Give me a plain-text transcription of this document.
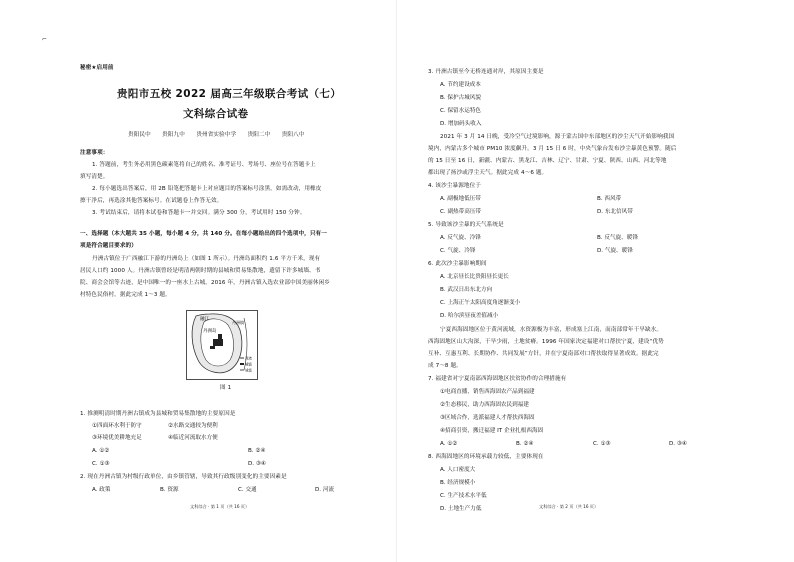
⌐
秘密★启用前
贵阳市五校 2022 届高三年级联合考试（七）
文科综合试卷
贵阳民中　　贵阳九中　　贵州省实验中学　　贵阳二中　　贵阳八中
注意事项：
1. 答题前，考生务必用黑色碳素笔将自己的姓名、准考证号、考场号、座位号在答题卡上
填写清楚。
2. 每小题选出答案后，用 2B 铅笔把答题卡上对应题目的答案标号涂黑。如需改动，用橡皮
擦干净后，再选涂其他答案标号。在试题卷上作答无效。
3. 考试结束后，请将本试卷和答题卡一并交回。满分 300 分，考试用时 150 分钟。
一、选择题（本大题共 35 小题，每小题 4 分，共 140 分。在每小题给出的四个选项中，只有一
项是符合题目要求的）
丹洲古镇位于广西融江下游的丹洲岛上（如图 1 所示）。丹洲岛面积约 1.6 平方千米，现有
居民人口约 1000 人。丹洲古镇曾经是明清两朝时期的县城和贸易集散地，遗留下许多城墙、书
院、商会会馆等古迹，是中国唯一的一座水上古城。2016 年，丹洲古镇入选农业部中国美丽休闲乡
村特色民俗村。据此完成 1～3 题。
融江
丹洲岛
丹洲镇
河流
城镇
城墙
图 1
1. 推测明清时期丹洲古镇成为县城和贸易集散地的主要原因是
①四面环水利于防守	②水路交通较为便利
③环境优美耕地充足	④临近河流取水方便
A. ①②	B. ②④
C. ①③	D. ③④
2. 现在丹洲古镇为村级行政单位，由乡镇管辖，导致其行政级别变化的主要因素是
A. 政策	B. 资源	C. 交通	D. 河流
文科综合 · 第 1 页（共 16 页）
3. 丹洲古镇至今无桥连通对岸，其原因主要是
A. 节约建设成本
B. 保护古城风貌
C. 保留水运特色
D. 增加码头收入
2021 年 3 月 14 日晚，受冷空气过境影响，源于蒙古国中东部地区的沙尘天气开始影响我国
境内，内蒙古多个城市 PM10 浓度飙升。3 月 15 日 6 时，中央气象台发布沙尘暴黄色预警。随后
的 15 日至 16 日，新疆、内蒙古、黑龙江、吉林、辽宁、甘肃、宁夏、陕西、山西、河北等地
都出现了扬沙或浮尘天气。据此完成 4～6 题。
4. 该沙尘暴源地位于
A. 副极地低压带	B. 西风带
C. 副热带高压带	D. 东北信风带
5. 导致该沙尘暴的天气系统是
A. 反气旋、冷锋	B. 反气旋、暖锋
C. 气旋、冷锋	D. 气旋、暖锋
6. 此次沙尘暴影响期间
A. 北京昼长比贵阳昼长更长
B. 武汉日出东北方向
C. 上海正午太阳高度角逐渐变小
D. 哈尔滨昼夜差值减小
宁夏西海固地区位于黄河流域，水资源极为丰富，形成塞上江南，而南部常年干旱缺水。
西海固地区山大沟深，干旱少雨，土地贫瘠。1996 年国家决定福建对口帮扶宁夏，建设“优势
互补、互惠互利、长期协作、共同发展”方针，并在宁夏南部对口帮扶取得显著成效。据此完
成 7～8 题。
7. 福建省对宁夏南部西海固地区扶贫协作的合理措施有
①电商直播，销售西海固农产品到福建
②生态移民，助力西海固农民到福建
③区域合作，选派福建人才帮扶西海固
④招商引资，搬迁福建 IT 企业扎根西海固
A. ①②	B. ②④	C. ①③	D. ③④
8. 西海固地区的环境承载力较低，主要体现在
A. 人口密度大
B. 经济规模小
C. 生产技术水平低
D. 土地生产力低	文科综合 · 第 2 页（共 16 页）
